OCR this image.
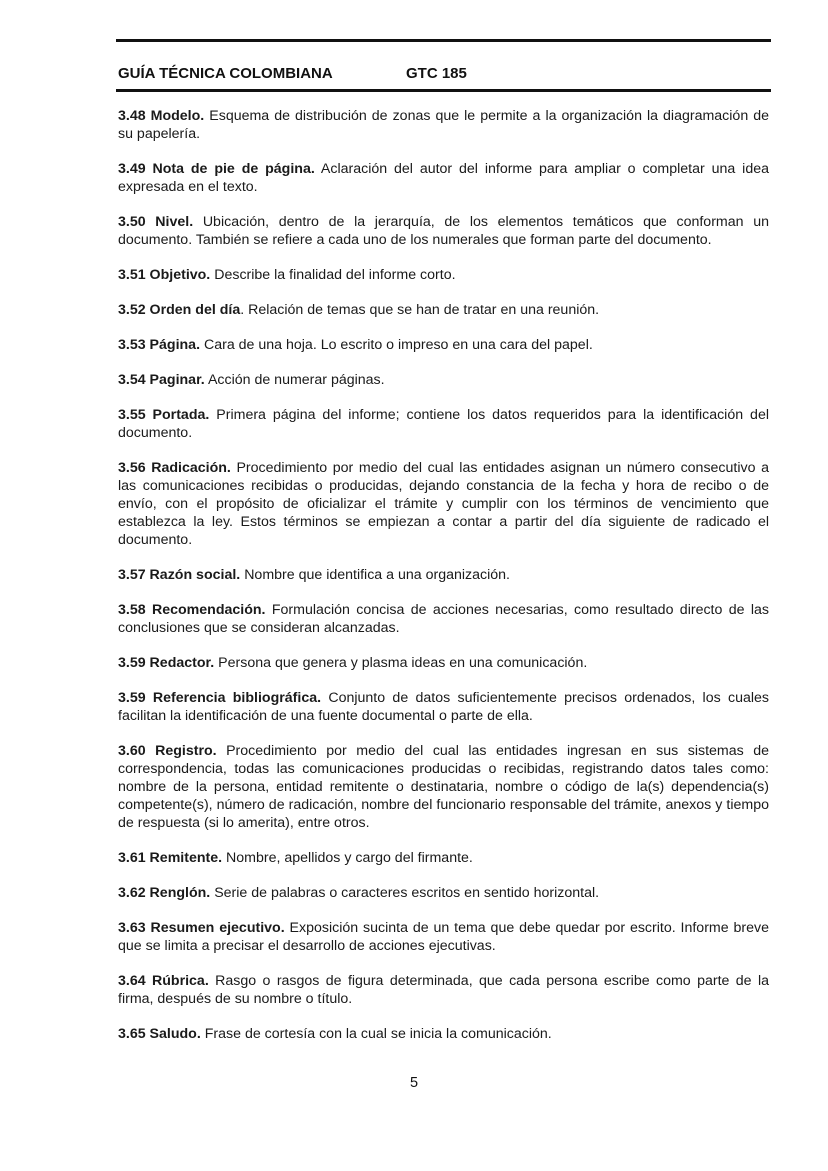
GUÍA TÉCNICA COLOMBIANA	GTC 185

3.48 Modelo. Esquema de distribución de zonas que le permite a la organización la diagramación de su papelería.

3.49 Nota de pie de página. Aclaración del autor del informe para ampliar o completar una idea expresada en el texto.

3.50 Nivel. Ubicación, dentro de la jerarquía, de los elementos temáticos que conforman un documento. También se refiere a cada uno de los numerales que forman parte del documento.

3.51 Objetivo. Describe la finalidad del informe corto.

3.52 Orden del día. Relación de temas que se han de tratar en una reunión.

3.53 Página. Cara de una hoja. Lo escrito o impreso en una cara del papel.

3.54 Paginar. Acción de numerar páginas.

3.55 Portada. Primera página del informe; contiene los datos requeridos para la identificación del documento.

3.56 Radicación. Procedimiento por medio del cual las entidades asignan un número consecutivo a las comunicaciones recibidas o producidas, dejando constancia de la fecha y hora de recibo o de envío, con el propósito de oficializar el trámite y cumplir con los términos de vencimiento que establezca la ley. Estos términos se empiezan a contar a partir del día siguiente de radicado el documento.

3.57 Razón social. Nombre que identifica a una organización.

3.58 Recomendación. Formulación concisa de acciones necesarias, como resultado directo de las conclusiones que se consideran alcanzadas.

3.59 Redactor. Persona que genera y plasma ideas en una comunicación.

3.59 Referencia bibliográfica. Conjunto de datos suficientemente precisos ordenados, los cuales facilitan la identificación de una fuente documental o parte de ella.

3.60 Registro. Procedimiento por medio del cual las entidades ingresan en sus sistemas de correspondencia, todas las comunicaciones producidas o recibidas, registrando datos tales como: nombre de la persona, entidad remitente o destinataria, nombre o código de la(s) dependencia(s) competente(s), número de radicación, nombre del funcionario responsable del trámite, anexos y tiempo de respuesta (si lo amerita), entre otros.

3.61 Remitente. Nombre, apellidos y cargo del firmante.

3.62 Renglón. Serie de palabras o caracteres escritos en sentido horizontal.

3.63 Resumen ejecutivo. Exposición sucinta de un tema que debe quedar por escrito. Informe breve que se limita a precisar el desarrollo de acciones ejecutivas.

3.64 Rúbrica. Rasgo o rasgos de figura determinada, que cada persona escribe como parte de la firma, después de su nombre o título.

3.65 Saludo. Frase de cortesía con la cual se inicia la comunicación.

5
